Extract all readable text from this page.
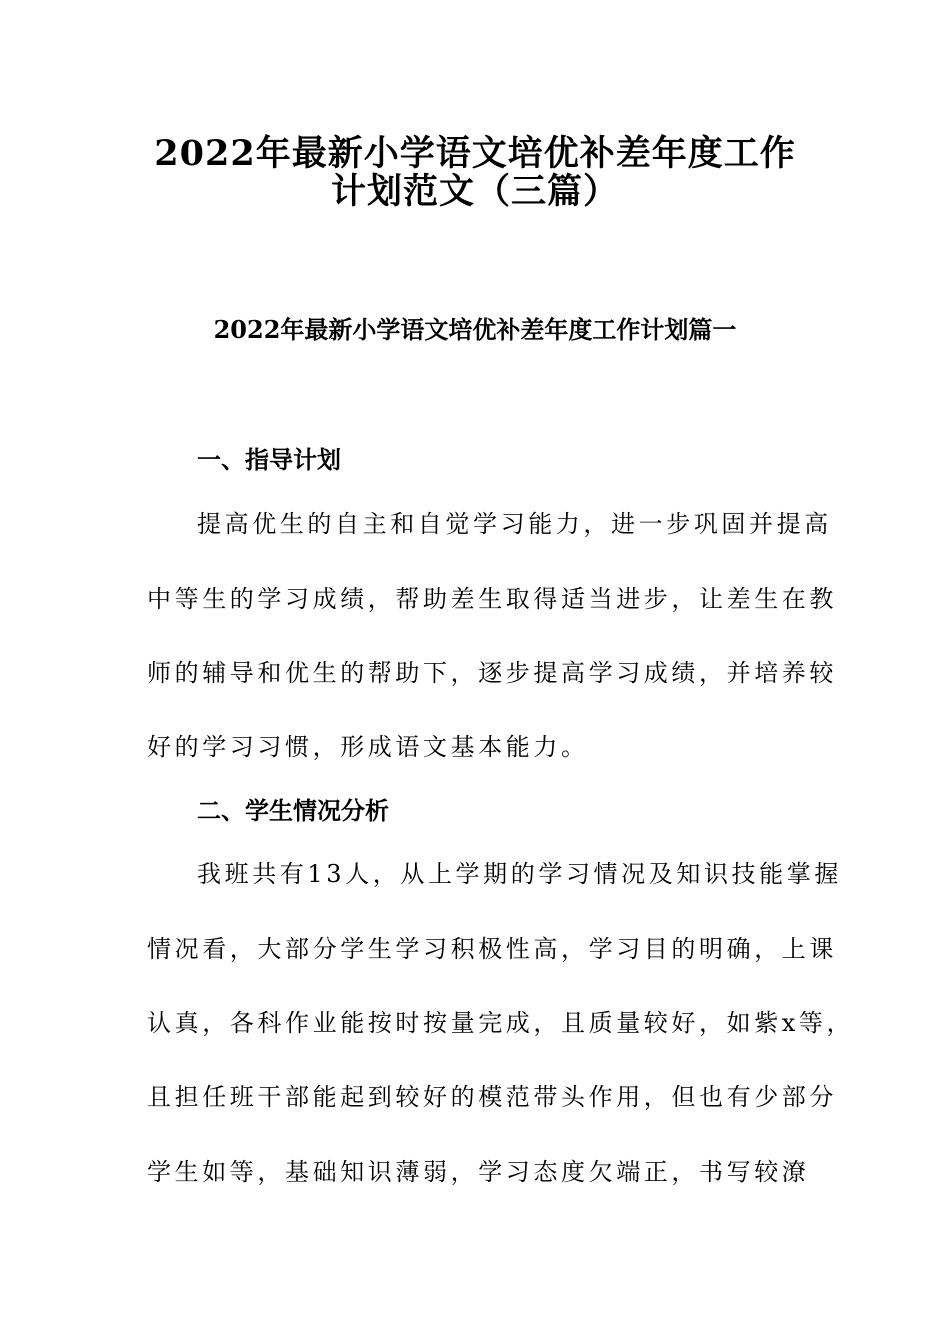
2022年最新小学语文培优补差年度工作
计划范文（三篇）
2022年最新小学语文培优补差年度工作计划篇一
一、指导计划
提高优生的自主和自觉学习能力，进一步巩固并提高
中等生的学习成绩，帮助差生取得适当进步，让差生在教
师的辅导和优生的帮助下，逐步提高学习成绩，并培养较
好的学习习惯，形成语文基本能力。
二、学生情况分析
我班共有13人，从上学期的学习情况及知识技能掌握
情况看，大部分学生学习积极性高，学习目的明确，上课
认真，各科作业能按时按量完成，且质量较好，如紫x等，
且担任班干部能起到较好的模范带头作用，但也有少部分
学生如等，基础知识薄弱，学习态度欠端正，书写较潦
